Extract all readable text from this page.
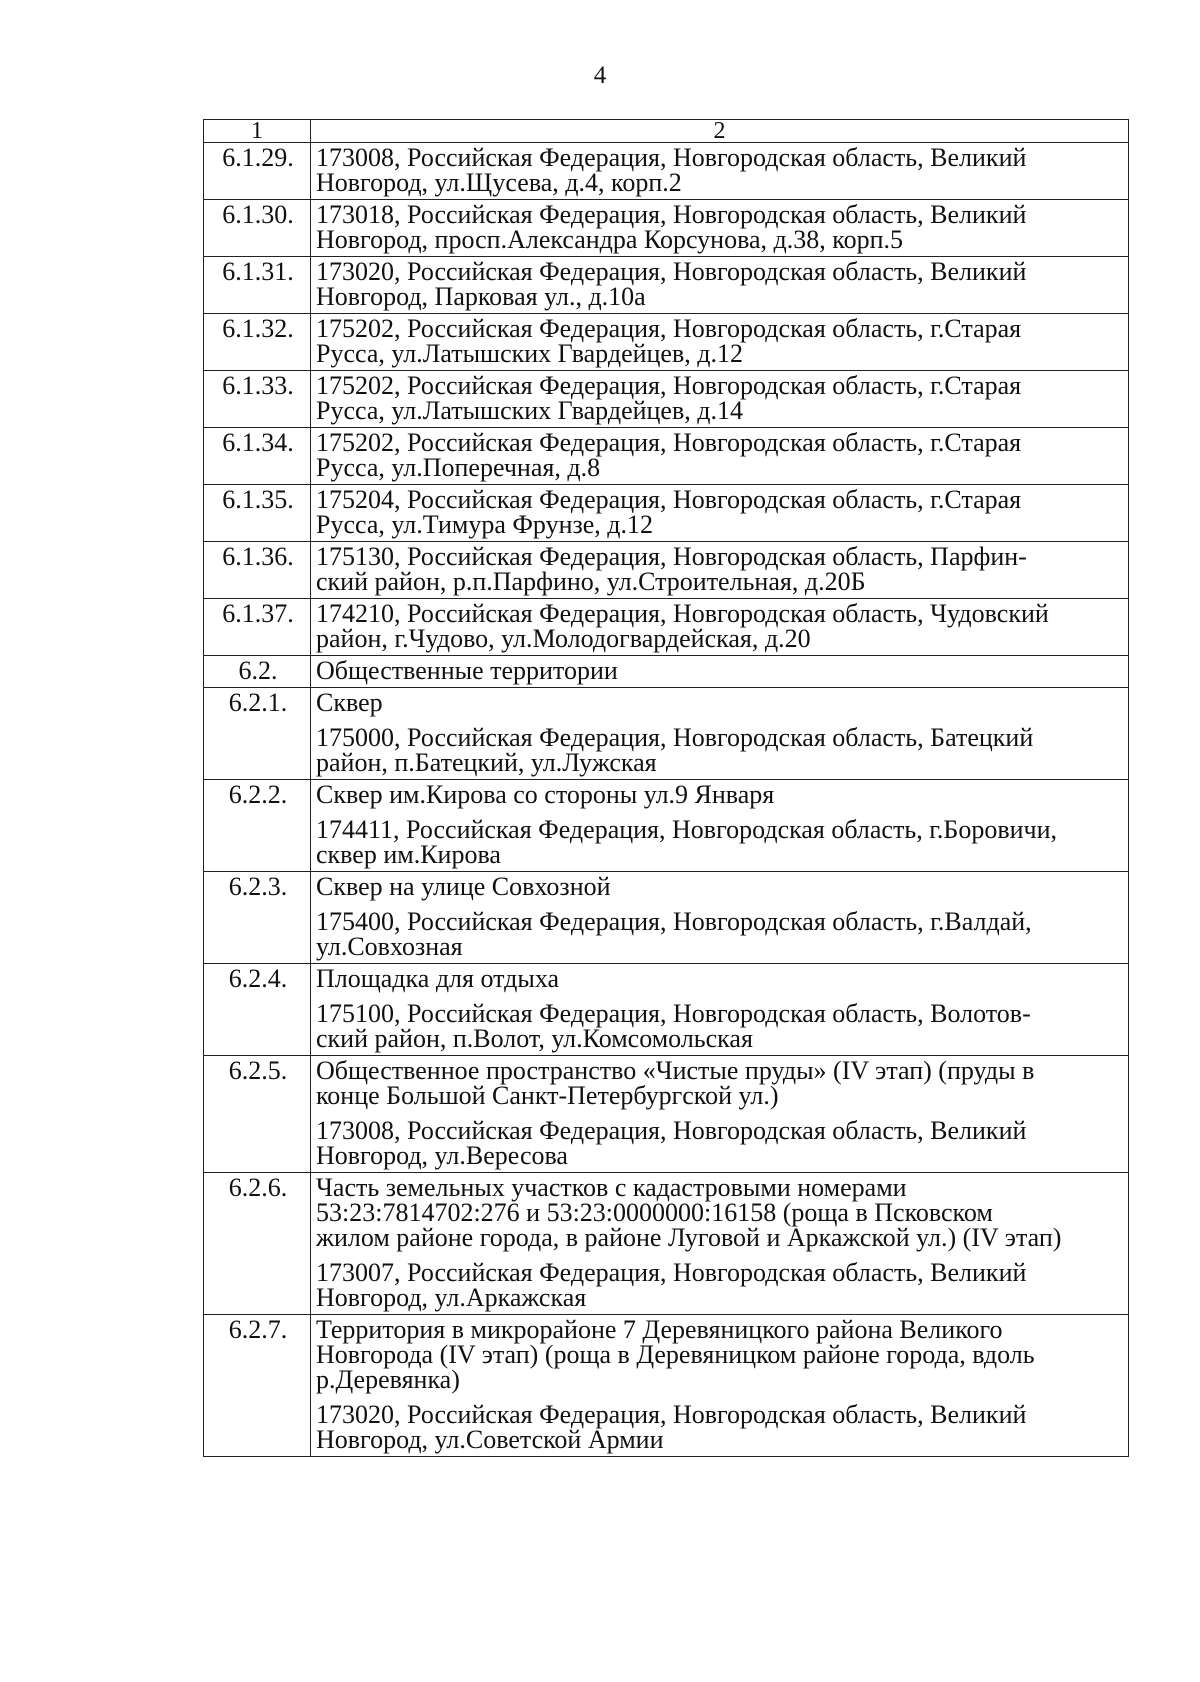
4
1	2
6.1.29.	173008, Российская Федерация, Новгородская область, Великий
Новгород, ул.Щусева, д.4, корп.2

6.1.30.	173018, Российская Федерация, Новгородская область, Великий
Новгород, просп.Александра Корсунова, д.38, корп.5

6.1.31.	173020, Российская Федерация, Новгородская область, Великий
Новгород, Парковая ул., д.10а

6.1.32.	175202, Российская Федерация, Новгородская область, г.Старая
Русса, ул.Латышских Гвардейцев, д.12

6.1.33.	175202, Российская Федерация, Новгородская область, г.Старая
Русса, ул.Латышских Гвардейцев, д.14

6.1.34.	175202, Российская Федерация, Новгородская область, г.Старая
Русса, ул.Поперечная, д.8

6.1.35.	175204, Российская Федерация, Новгородская область, г.Старая
Русса, ул.Тимура Фрунзе, д.12

6.1.36.	175130, Российская Федерация, Новгородская область, Парфин-
ский район, р.п.Парфино, ул.Строительная, д.20Б

6.1.37.	174210, Российская Федерация, Новгородская область, Чудовский
район, г.Чудово, ул.Молодогвардейская, д.20

6.2.	Общественные территории

6.2.1.	Сквер
175000, Российская Федерация, Новгородская область, Батецкий
район, п.Батецкий, ул.Лужская

6.2.2.	Сквер им.Кирова со стороны ул.9 Января
174411, Российская Федерация, Новгородская область, г.Боровичи,
сквер им.Кирова

6.2.3.	Сквер на улице Совхозной
175400, Российская Федерация, Новгородская область, г.Валдай,
ул.Совхозная

6.2.4.	Площадка для отдыха
175100, Российская Федерация, Новгородская область, Волотов-
ский район, п.Волот, ул.Комсомольская

6.2.5.	Общественное пространство «Чистые пруды» (IV этап) (пруды в
конце Большой Санкт-Петербургской ул.)
173008, Российская Федерация, Новгородская область, Великий
Новгород, ул.Вересова

6.2.6.	Часть земельных участков с кадастровыми номерами
53:23:7814702:276 и 53:23:0000000:16158 (роща в Псковском
жилом районе города, в районе Луговой и Аркажской ул.) (IV этап)
173007, Российская Федерация, Новгородская область, Великий
Новгород, ул.Аркажская

6.2.7.	Территория в микрорайоне 7 Деревяницкого района Великого
Новгорода (IV этап) (роща в Деревяницком районе города, вдоль
р.Деревянка)
173020, Российская Федерация, Новгородская область, Великий
Новгород, ул.Советской Армии
